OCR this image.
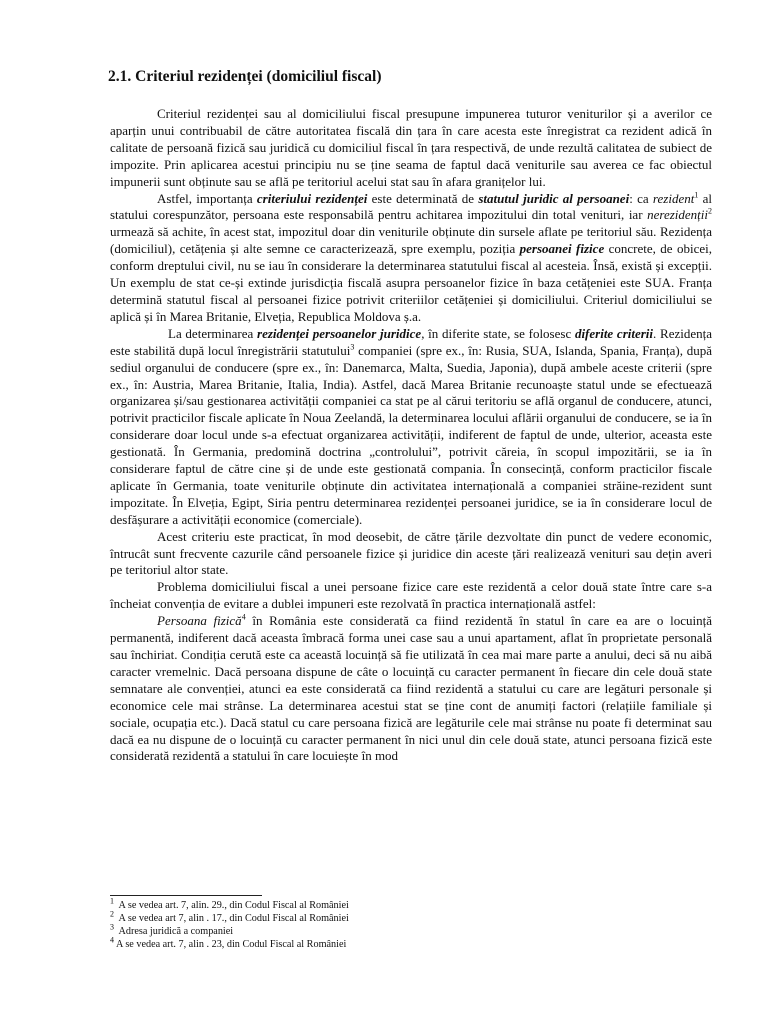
2.1. Criteriul rezidenței (domiciliul fiscal)

Criteriul rezidenței sau al domiciliului fiscal presupune impunerea tuturor veniturilor și a averilor ce aparțin unui contribuabil de către autoritatea fiscală din țara în care acesta este înregistrat ca rezident adică în calitate de persoană fizică sau juridică cu domiciliul fiscal în țara respectivă, de unde rezultă calitatea de subiect de impozite. Prin aplicarea acestui principiu nu se ține seama de faptul dacă veniturile sau averea ce fac obiectul impunerii sunt obținute sau se află pe teritoriul acelui stat sau în afara granițelor lui.

Astfel, importanța criteriului rezidenței este determinată de statutul juridic al persoanei: ca rezident$^1$ al statului corespunzător, persoana este responsabilă pentru achitarea impozitului din total venituri, iar nerezidenții$^2$ urmează să achite, în acest stat, impozitul doar din veniturile obținute din sursele aflate pe teritoriul său. Rezidența (domiciliul), cetățenia și alte semne ce caracterizează, spre exemplu, poziția persoanei fizice concrete, de obicei, conform dreptului civil, nu se iau în considerare la determinarea statutului fiscal al acesteia. Însă, există și excepții. Un exemplu de stat ce-și extinde jurisdicția fiscală asupra persoanelor fizice în baza cetățeniei este SUA. Franța determină statutul fiscal al persoanei fizice potrivit criteriilor cetățeniei și domiciliului. Criteriul domiciliului se aplică și în Marea Britanie, Elveția, Republica Moldova ș.a.

La determinarea rezidenței persoanelor juridice, în diferite state, se folosesc diferite criterii. Rezidența este stabilită după locul înregistrării statutului$^3$ companiei (spre ex., în: Rusia, SUA, Islanda, Spania, Franța), după sediul organului de conducere (spre ex., în: Danemarca, Malta, Suedia, Japonia), după ambele aceste criterii (spre ex., în: Austria, Marea Britanie, Italia, India). Astfel, dacă Marea Britanie recunoaște statul unde se efectuează organizarea și/sau gestionarea activității companiei ca stat pe al cărui teritoriu se află organul de conducere, atunci, potrivit practicilor fiscale aplicate în Noua Zeelandă, la determinarea locului aflării organului de conducere, se ia în considerare doar locul unde s-a efectuat organizarea activității, indiferent de faptul de unde, ulterior, aceasta este gestionată. În Germania, predomină doctrina „controlului”, potrivit căreia, în scopul impozitării, se ia în considerare faptul de către cine și de unde este gestionată compania. În consecință, conform practicilor fiscale aplicate în Germania, toate veniturile obținute din activitatea internațională a companiei străine-rezident sunt impozitate. În Elveția, Egipt, Siria pentru determinarea rezidenței persoanei juridice, se ia în considerare locul de desfășurare a activității economice (comerciale).

Acest criteriu este practicat, în mod deosebit, de către țările dezvoltate din punct de vedere economic, întrucât sunt frecvente cazurile când persoanele fizice și juridice din aceste țări realizează venituri sau dețin averi pe teritoriul altor state.

Problema domiciliului fiscal a unei persoane fizice care este rezidentă a celor două state între care s-a încheiat convenția de evitare a dublei impuneri este rezolvată în practica internațională astfel:

Persoana fizică$^4$ în România este considerată ca fiind rezidentă în statul în care ea are o locuință permanentă, indiferent dacă aceasta îmbracă forma unei case sau a unui apartament, aflat în proprietate personală sau închiriat. Condiția cerută este ca această locuință să fie utilizată în cea mai mare parte a anului, deci să nu aibă caracter vremelnic. Dacă persoana dispune de câte o locuință cu caracter permanent în fiecare din cele două state semnatare ale convenției, atunci ea este considerată ca fiind rezidentă a statului cu care are legături personale și economice cele mai strânse. La determinarea acestui stat se ține cont de anumiți factori (relațiile familiale și sociale, ocupația etc.). Dacă statul cu care persoana fizică are legăturile cele mai strânse nu poate fi determinat sau dacă ea nu dispune de o locuință cu caracter permanent în nici unul din cele două state, atunci persoana fizică este considerată rezidentă a statului în care locuiește în mod

$^1$ A se vedea art. 7, alin. 29., din Codul Fiscal al României
$^2$ A se vedea art 7, alin . 17., din Codul Fiscal al României
$^3$ Adresa juridică a companiei
$^4$ A se vedea art. 7, alin . 23, din Codul Fiscal al României
